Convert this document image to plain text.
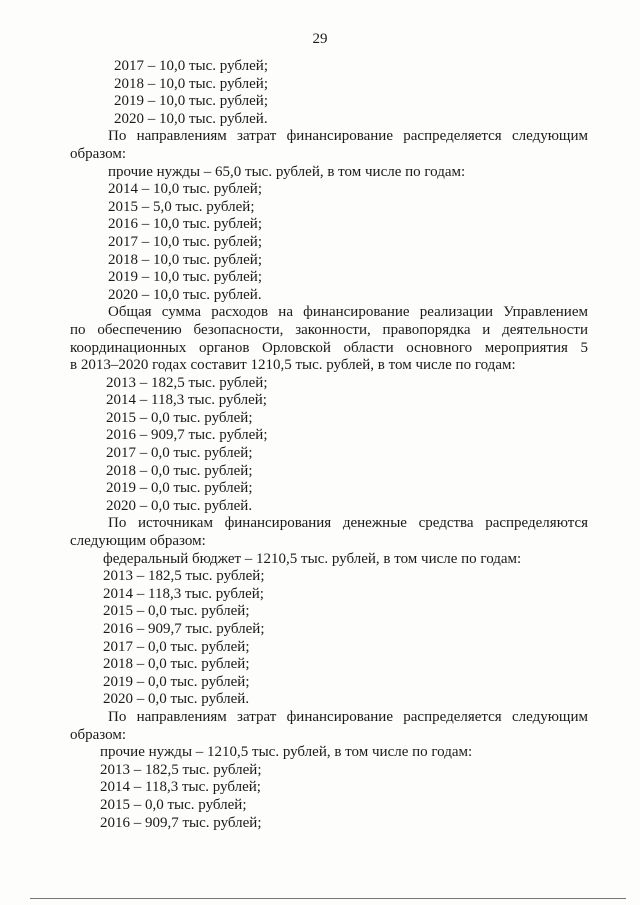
29
2017 – 10,0 тыс. рублей;
2018 – 10,0 тыс. рублей;
2019 – 10,0 тыс. рублей;
2020 – 10,0 тыс. рублей.
По направлениям затрат финансирование распределяется следующим
образом:
прочие нужды – 65,0 тыс. рублей, в том числе по годам:
2014 – 10,0 тыс. рублей;
2015 – 5,0 тыс. рублей;
2016 – 10,0 тыс. рублей;
2017 – 10,0 тыс. рублей;
2018 – 10,0 тыс. рублей;
2019 – 10,0 тыс. рублей;
2020 – 10,0 тыс. рублей.
Общая сумма расходов на финансирование реализации Управлением
по обеспечению безопасности, законности, правопорядка и деятельности
координационных органов Орловской области основного мероприятия 5
в 2013–2020 годах составит 1210,5 тыс. рублей, в том числе по годам:
2013 – 182,5 тыс. рублей;
2014 – 118,3 тыс. рублей;
2015 – 0,0 тыс. рублей;
2016 – 909,7 тыс. рублей;
2017 – 0,0 тыс. рублей;
2018 – 0,0 тыс. рублей;
2019 – 0,0 тыс. рублей;
2020 – 0,0 тыс. рублей.
По источникам финансирования денежные средства распределяются
следующим образом:
федеральный бюджет – 1210,5 тыс. рублей, в том числе по годам:
2013 – 182,5 тыс. рублей;
2014 – 118,3 тыс. рублей;
2015 – 0,0 тыс. рублей;
2016 – 909,7 тыс. рублей;
2017 – 0,0 тыс. рублей;
2018 – 0,0 тыс. рублей;
2019 – 0,0 тыс. рублей;
2020 – 0,0 тыс. рублей.
По направлениям затрат финансирование распределяется следующим
образом:
прочие нужды – 1210,5 тыс. рублей, в том числе по годам:
2013 – 182,5 тыс. рублей;
2014 – 118,3 тыс. рублей;
2015 – 0,0 тыс. рублей;
2016 – 909,7 тыс. рублей;
